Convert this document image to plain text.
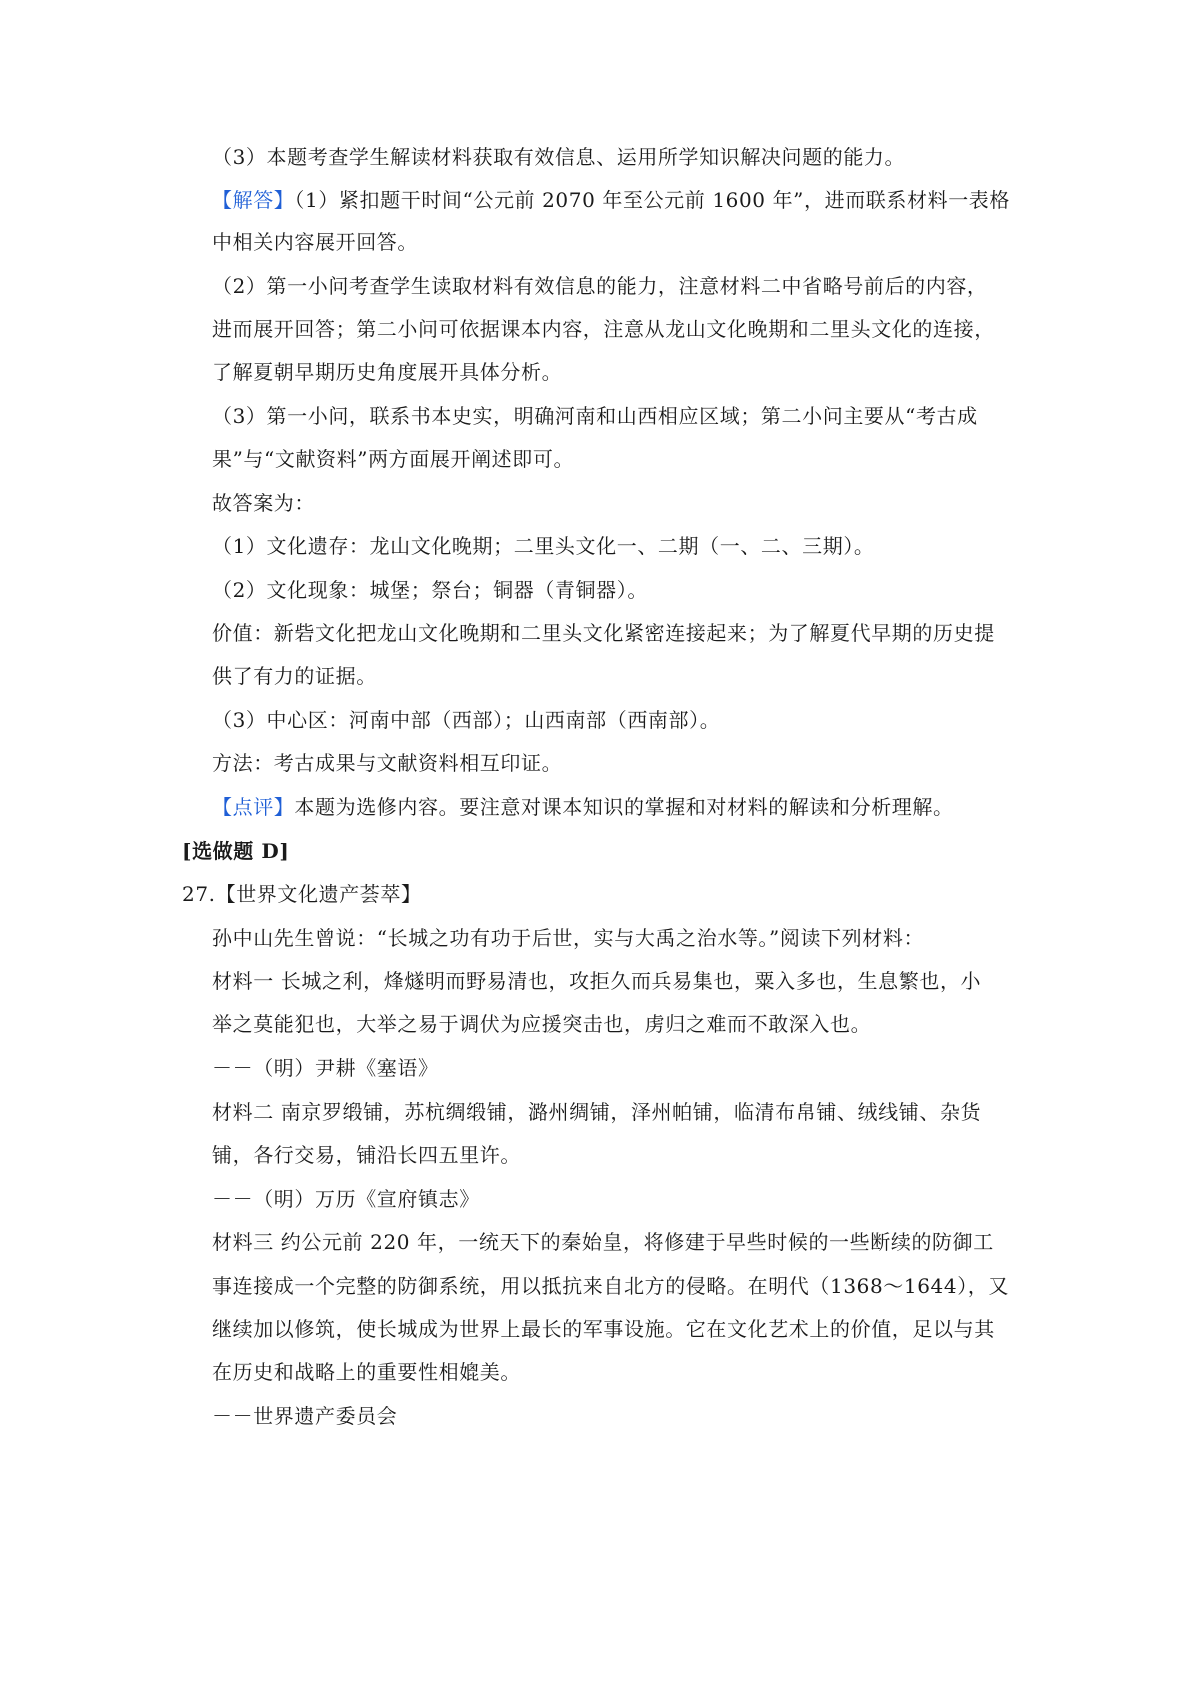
（3）本题考查学生解读材料获取有效信息、运用所学知识解决问题的能力。
【解答】（1）紧扣题干时间“公元前 2070 年至公元前 1600 年”，进而联系材料一表格
中相关内容展开回答。
（2）第一小问考查学生读取材料有效信息的能力，注意材料二中省略号前后的内容，
进而展开回答；第二小问可依据课本内容，注意从龙山文化晚期和二里头文化的连接，
了解夏朝早期历史角度展开具体分析。
（3）第一小问，联系书本史实，明确河南和山西相应区域；第二小问主要从“考古成
果”与“文献资料”两方面展开阐述即可。
故答案为：
（1）文化遗存：龙山文化晚期；二里头文化一、二期（一、二、三期）。
（2）文化现象：城堡；祭台；铜器（青铜器）。
价值：新砦文化把龙山文化晚期和二里头文化紧密连接起来；为了解夏代早期的历史提
供了有力的证据。
（3）中心区：河南中部（西部）；山西南部（西南部）。
方法：考古成果与文献资料相互印证。
【点评】本题为选修内容。要注意对课本知识的掌握和对材料的解读和分析理解。
[选做题 D]
27.【世界文化遗产荟萃】
孙中山先生曾说：“长城之功有功于后世，实与大禹之治水等。”阅读下列材料：
材料一 长城之利，烽燧明而野易清也，攻拒久而兵易集也，粟入多也，生息繁也，小
举之莫能犯也，大举之易于调伏为应援突击也，虏归之难而不敢深入也。
－－（明）尹耕《塞语》
材料二 南京罗缎铺，苏杭绸缎铺，潞州绸铺，泽州帕铺，临清布帛铺、绒线铺、杂货
铺，各行交易，铺沿长四五里许。
－－（明）万历《宣府镇志》
材料三 约公元前 220 年，一统天下的秦始皇，将修建于早些时候的一些断续的防御工
事连接成一个完整的防御系统，用以抵抗来自北方的侵略。在明代（1368～1644），又
继续加以修筑，使长城成为世界上最长的军事设施。它在文化艺术上的价值，足以与其
在历史和战略上的重要性相媲美。
－－世界遗产委员会
